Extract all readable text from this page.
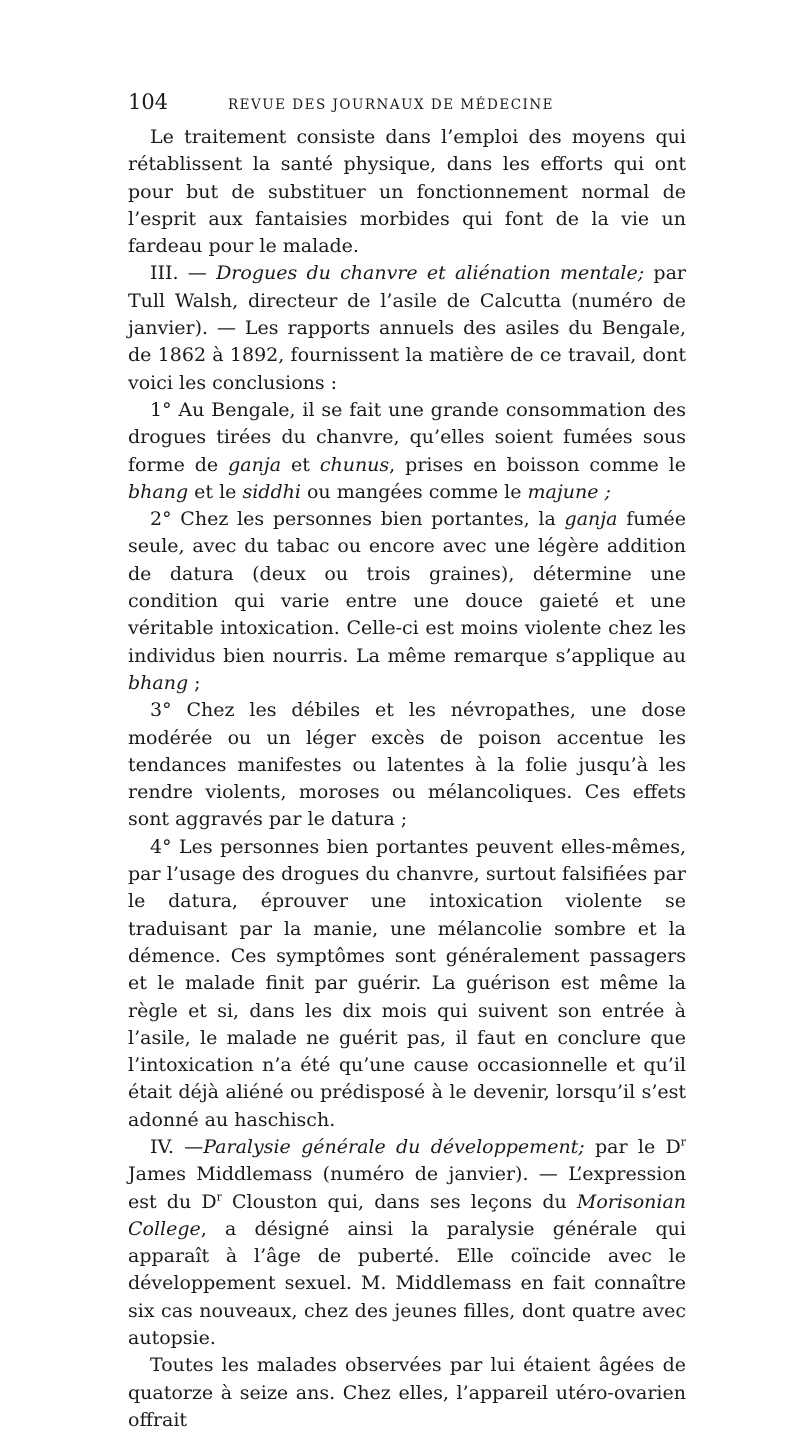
104	REVUE DES JOURNAUX DE MÉDECINE

Le traitement consiste dans l’emploi des moyens qui rétablissent la santé physique, dans les efforts qui ont pour but de substituer un fonctionnement normal de l’esprit aux fantaisies morbides qui font de la vie un fardeau pour le malade.

III. — Drogues du chanvre et aliénation mentale; par Tull Walsh, directeur de l’asile de Calcutta (numéro de janvier). — Les rapports annuels des asiles du Bengale, de 1862 à 1892, fournissent la matière de ce travail, dont voici les conclusions :

1° Au Bengale, il se fait une grande consommation des drogues tirées du chanvre, qu’elles soient fumées sous forme de ganja et chunus, prises en boisson comme le bhang et le siddhi ou mangées comme le majune ;

2° Chez les personnes bien portantes, la ganja fumée seule, avec du tabac ou encore avec une légère addition de datura (deux ou trois graines), détermine une condition qui varie entre une douce gaieté et une véritable intoxication. Celle-ci est moins violente chez les individus bien nourris. La même remarque s’applique au bhang ;

3° Chez les débiles et les névropathes, une dose modérée ou un léger excès de poison accentue les tendances manifestes ou latentes à la folie jusqu’à les rendre violents, moroses ou mélancoliques. Ces effets sont aggravés par le datura ;

4° Les personnes bien portantes peuvent elles-mêmes, par l’usage des drogues du chanvre, surtout falsifiées par le datura, éprouver une intoxication violente se traduisant par la manie, une mélancolie sombre et la démence. Ces symptômes sont généralement passagers et le malade finit par guérir. La guérison est même la règle et si, dans les dix mois qui suivent son entrée à l’asile, le malade ne guérit pas, il faut en conclure que l’intoxication n’a été qu’une cause occasionnelle et qu’il était déjà aliéné ou prédisposé à le devenir, lorsqu’il s’est adonné au haschisch.

IV. —Paralysie générale du développement; par le $D^r$ James Middlemass (numéro de janvier). — L’expression est du $D^r$ Clouston qui, dans ses leçons du Morisonian College, a désigné ainsi la paralysie générale qui apparaît à l’âge de puberté. Elle coïncide avec le développement sexuel. M. Middlemass en fait connaître six cas nouveaux, chez des jeunes filles, dont quatre avec autopsie.

Toutes les malades observées par lui étaient âgées de quatorze à seize ans. Chez elles, l’appareil utéro-ovarien offrait
